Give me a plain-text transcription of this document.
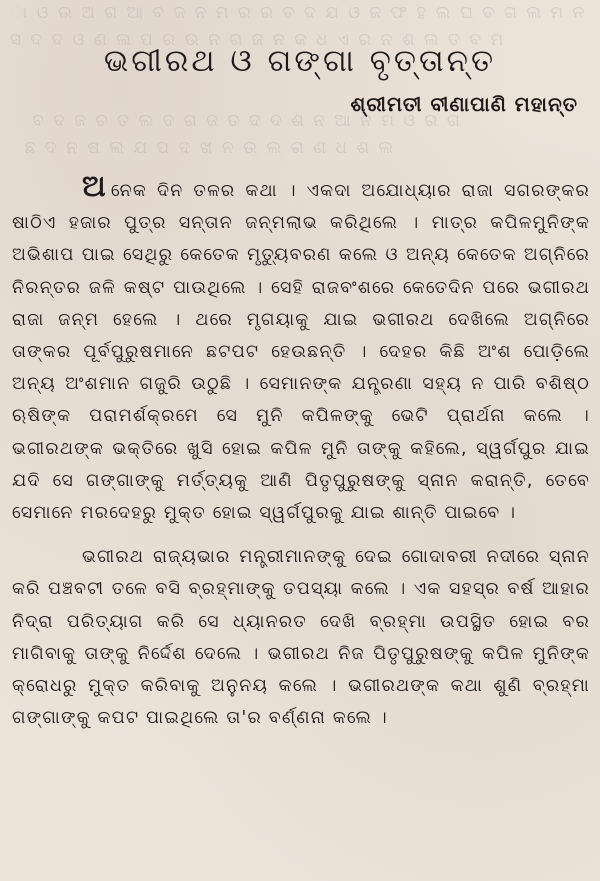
ା ଓ ଉ ଅ ଗ ଆ ବ ଜ ନ ମ ର ର ତ ଦ ଯ ଓ ଜ ଫ ହ ଲ ଘ ତ ଗ ଲ ମ ନ
ସ ଦ ଦ ଓ ଣ ଲ ପ ର ଉ ନ ଗ ଜ ନ କ ଧ ଏ ର ନ ଶ ଲ ତ ବ ମ

ବ ଦ ଜ ଚ ତ ଲ ଦ ଗ ଜ ତ ଦ ଦ ଶ ନ ଆ ନ ମ ଓ ର ଗ
ଛ ଦ ନ ଷ ଲ ଯ ପ ଦ ଖ ନ ଉ ଲ ଗ ଣ ଧ ଶ ଲ
ଭଗୀରଥ ଓ ଗଙ୍ଗା ବୃତ୍ତାନ୍ତ
ଶ୍ରୀମତୀ ବୀଣାପାଣି ମହାନ୍ତ

ଅନେକ ଦିନ ତଳର କଥା । ଏକଦା ଅଯୋଧ୍ୟାର ରାଜା ସଗରଙ୍କର ଷାଠିଏ ହଜାର ପୁତ୍ର ସନ୍ତାନ ଜନ୍ମଲାଭ କରିଥିଲେ । ମାତ୍ର କପିଳମୁନିଙ୍କ ଅଭିଶାପ ପାଇ ସେଥିରୁ କେତେକ ମୃତ୍ୟୁବରଣ କଲେ ଓ ଅନ୍ୟ କେତେକ ଅଗ୍ନିରେ ନିରନ୍ତର ଜଳି କଷ୍ଟ ପାଉଥିଲେ । ସେହି ରାଜବଂଶରେ କେତେଦିନ ପରେ ଭଗୀରଥ ରାଜା ଜନ୍ମ ହେଲେ । ଥରେ ମୃଗୟାକୁ ଯାଇ ଭଗୀରଥ ଦେଖିଲେ ଅଗ୍ନିରେ ତାଙ୍କର ପୂର୍ବପୁରୁଷମାନେ ଛଟପଟ ହେଉଛନ୍ତି । ଦେହର କିଛି ଅଂଶ ପୋଡ଼ିଲେ ଅନ୍ୟ ଅଂଶମାନ ଗଜୁରି ଉଠୁଛି । ସେମାନଙ୍କ ଯନ୍ତ୍ରଣା ସହ୍ୟ ନ ପାରି ବଶିଷ୍ଠ ଋଷିଙ୍କ ପରାମର୍ଶକ୍ରମେ ସେ ମୁନି କପିଳଙ୍କୁ ଭେଟି ପ୍ରାର୍ଥନା କଲେ । ଭଗୀରଥଙ୍କ ଭକ୍ତିରେ ଖୁସି ହୋଇ କପିଳ ମୁନି ତାଙ୍କୁ କହିଲେ, ସ୍ୱର୍ଗପୁର ଯାଇ ଯଦି ସେ ଗଙ୍ଗାଙ୍କୁ ମର୍ତ୍ତ୍ୟକୁ ଆଣି ପିତୃପୁରୁଷଙ୍କୁ ସ୍ନାନ କରାନ୍ତି, ତେବେ ସେମାନେ ମରଦେହରୁ ମୁକ୍ତ ହୋଇ ସ୍ୱର୍ଗପୁରକୁ ଯାଇ ଶାନ୍ତି ପାଇବେ ।

ଭଗୀରଥ ରାଜ୍ୟଭାର ମନ୍ତ୍ରୀମାନଙ୍କୁ ଦେଇ ଗୋଦାବରୀ ନଦୀରେ ସ୍ନାନ କରି ପଞ୍ଚବଟୀ ତଳେ ବସି ବ୍ରହ୍ମାଙ୍କୁ ତପସ୍ୟା କଲେ । ଏକ ସହସ୍ର ବର୍ଷ ଆହାର ନିଦ୍ରା ପରିତ୍ୟାଗ କରି ସେ ଧ୍ୟାନରତ ଦେଖି ବ୍ରହ୍ମା ଉପସ୍ଥିତ ହୋଇ ବର ମାଗିବାକୁ ତାଙ୍କୁ ନିର୍ଦ୍ଦେଶ ଦେଲେ । ଭଗୀରଥ ନିଜ ପିତୃପୁରୁଷଙ୍କୁ କପିଳ ମୁନିଙ୍କ କ୍ରୋଧରୁ ମୁକ୍ତ କରିବାକୁ ଅନୁନୟ କଲେ । ଭଗୀରଥଙ୍କ କଥା ଶୁଣି ବ୍ରହ୍ମା ଗଙ୍ଗାଙ୍କୁ କପଟ ପାଇଥିଲେ ତା'ର ବର୍ଣ୍ଣନା କଲେ ।
